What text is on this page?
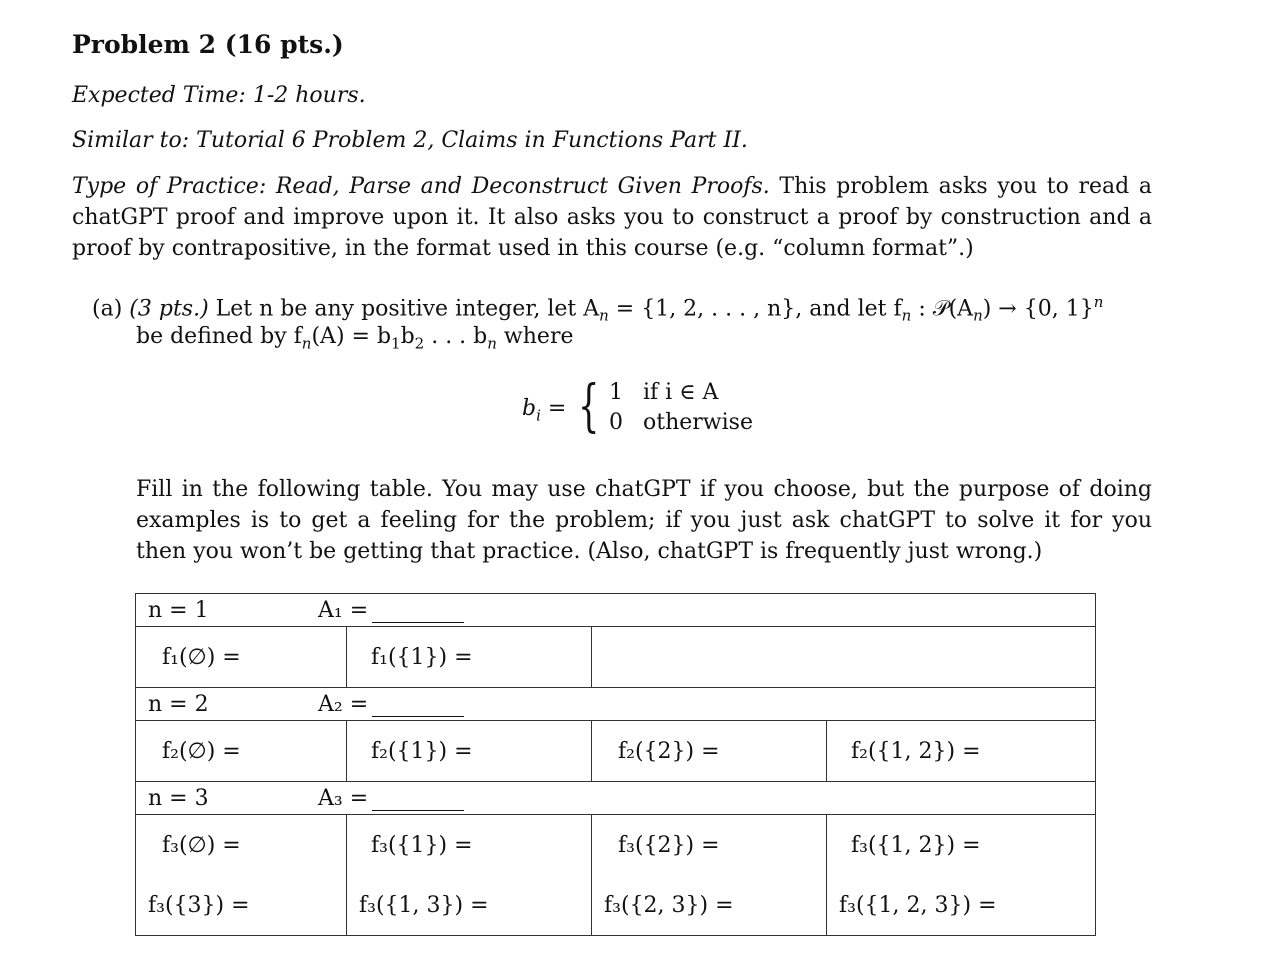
Problem 2 (16 pts.)
Expected Time: 1-2 hours.
Similar to: Tutorial 6 Problem 2, Claims in Functions Part II.
Type of Practice: Read, Parse and Deconstruct Given Proofs. This problem asks you to read a chatGPT proof and improve upon it. It also asks you to construct a proof by construction and a proof by contrapositive, in the format used in this course (e.g. “column format”.)
(a) (3 pts.) Let n be any positive integer, let $A_n = \{1$, 2, . . . , n}, and let $f_n$ : $𝒫(A_n) \to \{0$, 1}$^n$
be defined by $f_n(A) = b_1b_2$ . . . $b_n$ where
$b_i$ = { 1 if i ∈ A
0 otherwise
Fill in the following table. You may use chatGPT if you choose, but the purpose of doing examples is to get a feeling for the problem; if you just ask chatGPT to solve it for you then you won’t be getting that practice. (Also, chatGPT is frequently just wrong.)
n = 1 A₁ =			
f₁(∅) =	f₁({1}) =		
n = 2 A₂ =			
f₂(∅) =	f₂({1}) =	f₂({2}) =	f₂({1, 2}) =
n = 3 A₃ =			
f₃(∅) =	f₃({1}) =	f₃({2}) =	f₃({1, 2}) =
f₃({3}) =	f₃({1, 3}) =	f₃({2, 3}) =	f₃({1, 2, 3}) =
